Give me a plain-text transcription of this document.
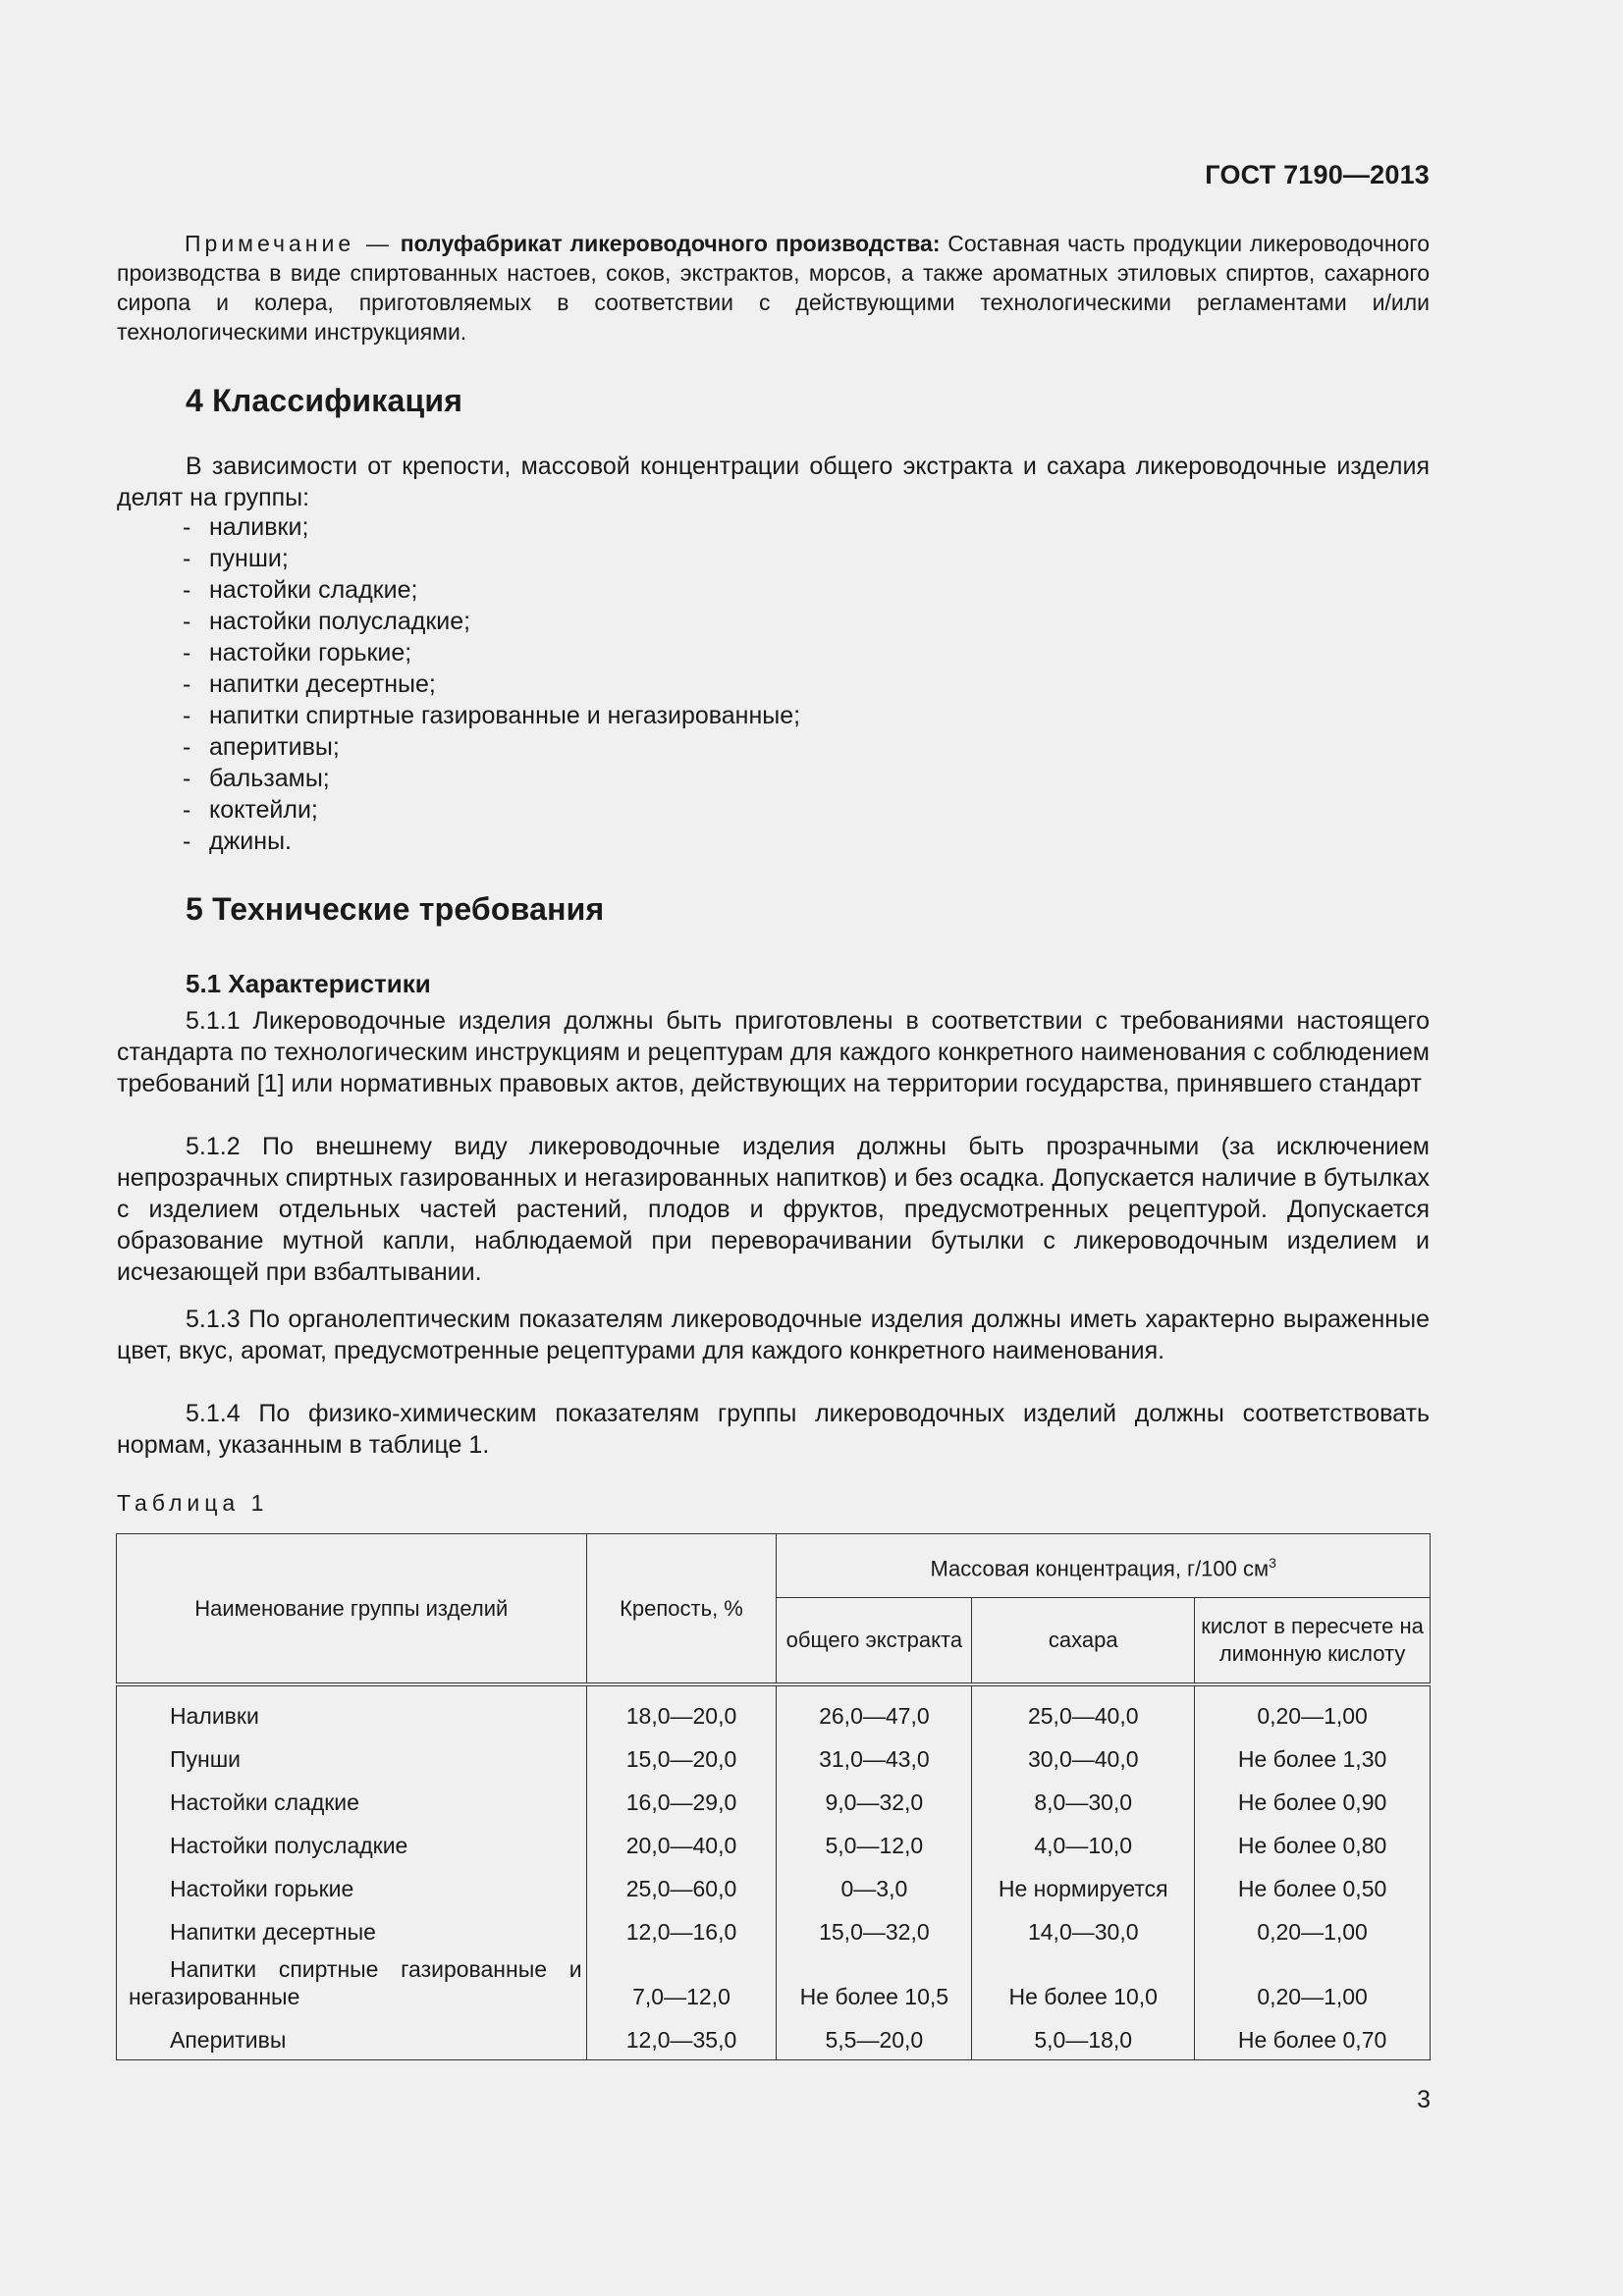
ГОСТ 7190—2013
Примечание — полуфабрикат ликероводочного производства: Составная часть продукции ликероводочного производства в виде спиртованных настоев, соков, экстрактов, морсов, а также ароматных этиловых спиртов, сахарного сиропа и колера, приготовляемых в соответствии с действующими технологическими регламентами и/или технологическими инструкциями.
4 Классификация
В зависимости от крепости, массовой концентрации общего экстракта и сахара ликероводочные изделия делят на группы:
- наливки;
- пунши;
- настойки сладкие;
- настойки полусладкие;
- настойки горькие;
- напитки десертные;
- напитки спиртные газированные и негазированные;
- аперитивы;
- бальзамы;
- коктейли;
- джины.
5 Технические требования
5.1 Характеристики
5.1.1 Ликероводочные изделия должны быть приготовлены в соответствии с требованиями настоящего стандарта по технологическим инструкциям и рецептурам для каждого конкретного наименования с соблюдением требований [1] или нормативных правовых актов, действующих на территории государства, принявшего стандарт
5.1.2 По внешнему виду ликероводочные изделия должны быть прозрачными (за исключением непрозрачных спиртных газированных и негазированных напитков) и без осадка. Допускается наличие в бутылках с изделием отдельных частей растений, плодов и фруктов, предусмотренных рецептурой. Допускается образование мутной капли, наблюдаемой при переворачивании бутылки с ликероводочным изделием и исчезающей при взбалтывании.
5.1.3 По органолептическим показателям ликероводочные изделия должны иметь характерно выраженные цвет, вкус, аромат, предусмотренные рецептурами для каждого конкретного наименования.
5.1.4 По физико-химическим показателям группы ликероводочных изделий должны соответствовать нормам, указанным в таблице 1.
Таблица 1
Наименование группы изделий	Крепость, %	Массовая концентрация, г/100 $см^3$
		общего экстракта	сахара	кислот в пересчете на лимонную кислоту
Наливки	18,0—20,0	26,0—47,0	25,0—40,0	0,20—1,00
Пунши	15,0—20,0	31,0—43,0	30,0—40,0	Не более 1,30
Настойки сладкие	16,0—29,0	9,0—32,0	8,0—30,0	Не более 0,90
Настойки полусладкие	20,0—40,0	5,0—12,0	4,0—10,0	Не более 0,80
Настойки горькие	25,0—60,0	0—3,0	Не нормируется	Не более 0,50
Напитки десертные	12,0—16,0	15,0—32,0	14,0—30,0	0,20—1,00
Напитки спиртные газированные и негазированные	7,0—12,0	Не более 10,5	Не более 10,0	0,20—1,00
Аперитивы	12,0—35,0	5,5—20,0	5,0—18,0	Не более 0,70
3
